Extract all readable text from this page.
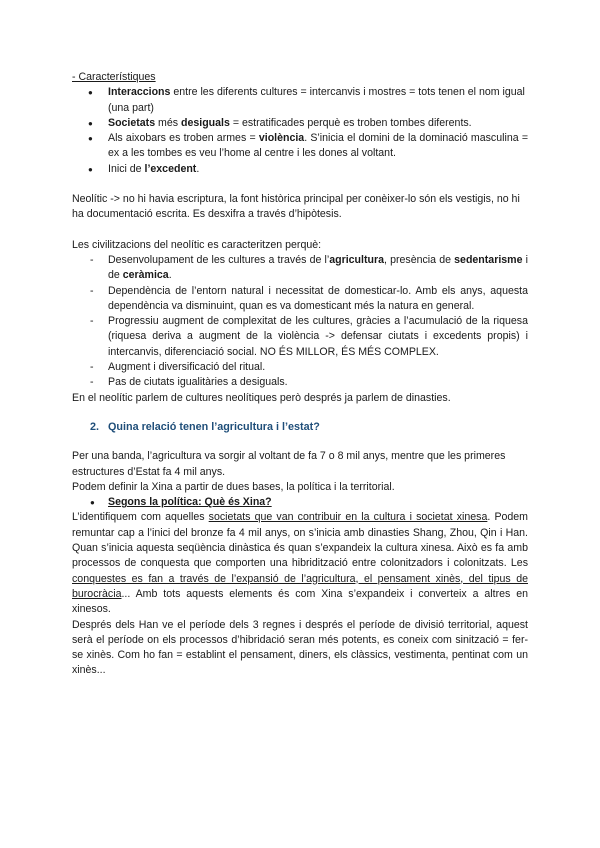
- Característiques

● Interaccions entre les diferents cultures = intercanvis i mostres = tots tenen el nom igual (una part)
● Societats més desiguals = estratificades perquè es troben tombes diferents.
● Als aixobars es troben armes = violència. S’inicia el domini de la dominació masculina = ex a les tombes es veu l’home al centre i les dones al voltant.
● Inici de l’excedent.

Neolític -> no hi havia escriptura, la font històrica principal per conèixer-lo són els vestigis, no hi ha documentació escrita. Es desxifra a través d’hipòtesis.

Les civilitzacions del neolític es caracteritzen perquè:

- Desenvolupament de les cultures a través de l’agricultura, presència de sedentarisme i de ceràmica.
- Dependència de l’entorn natural i necessitat de domesticar-lo. Amb els anys, aquesta dependència va disminuint, quan es va domesticant més la natura en general.
- Progressiu augment de complexitat de les cultures, gràcies a l’acumulació de la riquesa (riquesa deriva a augment de la violència -> defensar ciutats i excedents propis) i intercanvis, diferenciació social. NO ÉS MILLOR, ÉS MÉS COMPLEX.
- Augment i diversificació del ritual.
- Pas de ciutats igualitàries a desiguals.

En el neolític parlem de cultures neolítiques però després ja parlem de dinasties.

2. Quina relació tenen l’agricultura i l’estat?

Per una banda, l’agricultura va sorgir al voltant de fa 7 o 8 mil anys, mentre que les primeres estructures d’Estat fa 4 mil anys.

Podem definir la Xina a partir de dues bases, la política i la territorial.

● Segons la política: Què és Xina?

L’identifiquem com aquelles societats que van contribuir en la cultura i societat xinesa. Podem remuntar cap a l’inici del bronze fa 4 mil anys, on s’inicia amb dinasties Shang, Zhou, Qin i Han. Quan s’inicia aquesta seqüència dinàstica és quan s’expandeix la cultura xinesa. Això es fa amb processos de conquesta que comporten una hibridització entre colonitzadors i colonitzats. Les conquestes es fan a través de l’expansió de l’agricultura, el pensament xinès, del tipus de burocràcia... Amb tots aquests elements és com Xina s’expandeix i converteix a altres en xinesos.

Després dels Han ve el període dels 3 regnes i després el període de divisió territorial, aquest serà el període on els processos d’hibridació seran més potents, es coneix com sinització = fer-se xinès. Com ho fan = establint el pensament, diners, els clàssics, vestimenta, pentinat com un xinès...
